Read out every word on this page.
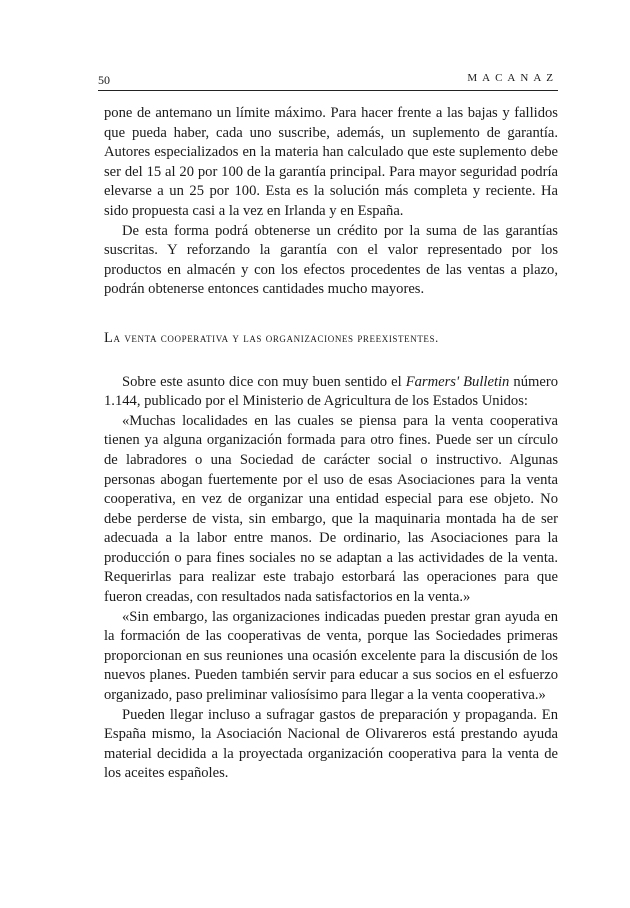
50	MACANAZ

pone de antemano un límite máximo. Para hacer frente a las bajas y fallidos que pueda haber, cada uno suscribe, además, un suplemento de garantía. Autores especializados en la materia han calculado que este suplemento debe ser del 15 al 20 por 100 de la garantía principal. Para mayor seguridad podría elevarse a un 25 por 100. Esta es la solución más completa y reciente. Ha sido propuesta casi a la vez en Irlanda y en España.

De esta forma podrá obtenerse un crédito por la suma de las garantías suscritas. Y reforzando la garantía con el valor representado por los productos en almacén y con los efectos procedentes de las ventas a plazo, podrán obtenerse entonces cantidades mucho mayores.

La venta cooperativa y las organizaciones preexistentes.

Sobre este asunto dice con muy buen sentido el Farmers' Bulletin número 1.144, publicado por el Ministerio de Agricultura de los Estados Unidos:

«Muchas localidades en las cuales se piensa para la venta cooperativa tienen ya alguna organización formada para otro fines. Puede ser un círculo de labradores o una Sociedad de carácter social o instructivo. Algunas personas abogan fuertemente por el uso de esas Asociaciones para la venta cooperativa, en vez de organizar una entidad especial para ese objeto. No debe perderse de vista, sin embargo, que la maquinaria montada ha de ser adecuada a la labor entre manos. De ordinario, las Asociaciones para la producción o para fines sociales no se adaptan a las actividades de la venta. Requerirlas para realizar este trabajo estorbará las operaciones para que fueron creadas, con resultados nada satisfactorios en la venta.»

«Sin embargo, las organizaciones indicadas pueden prestar gran ayuda en la formación de las cooperativas de venta, porque las Sociedades primeras proporcionan en sus reuniones una ocasión excelente para la discusión de los nuevos planes. Pueden también servir para educar a sus socios en el esfuerzo organizado, paso preliminar valiosísimo para llegar a la venta cooperativa.»

Pueden llegar incluso a sufragar gastos de preparación y propaganda. En España mismo, la Asociación Nacional de Olivareros está prestando ayuda material decidida a la proyectada organización cooperativa para la venta de los aceites españoles.
